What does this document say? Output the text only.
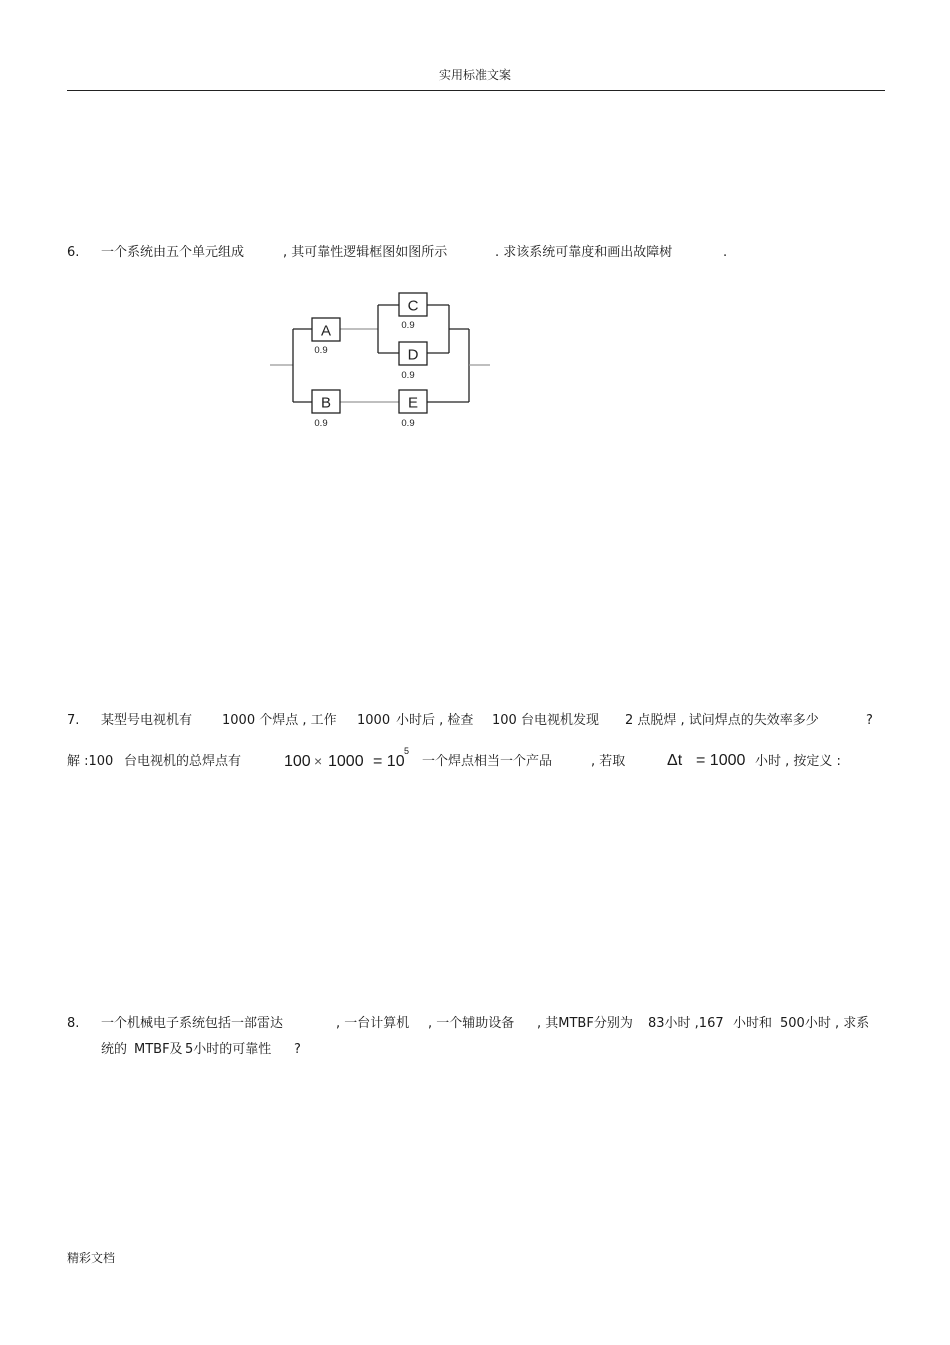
实用标准文案
6. 一个系统由五个单元组成	, 其可靠性逻辑框图如图所示	. 求该系统可靠度和画出故障树	.
A
0.9
B
0.9
C
0.9
D
0.9
E
0.9
7. 某型号电视机有 1000 个焊点 , 工作 1000 小时后 , 检查 100 台电视机发现 2 点脱焊 , 试问焊点的失效率多少	?
解 :100 台电视机的总焊点有	100 × 1000 = 10
5
一个焊点相当一个产品	, 若取	Δt = 1000 小时 , 按定义 :
8. 一个机械电子系统包括一部雷达	, 一台计算机 , 一个辅助设备 , 其MTBF分别为 83小时 ,167 小时和 500小时 , 求系
统的 MTBF及 5小时的可靠性 ?
精彩文档
